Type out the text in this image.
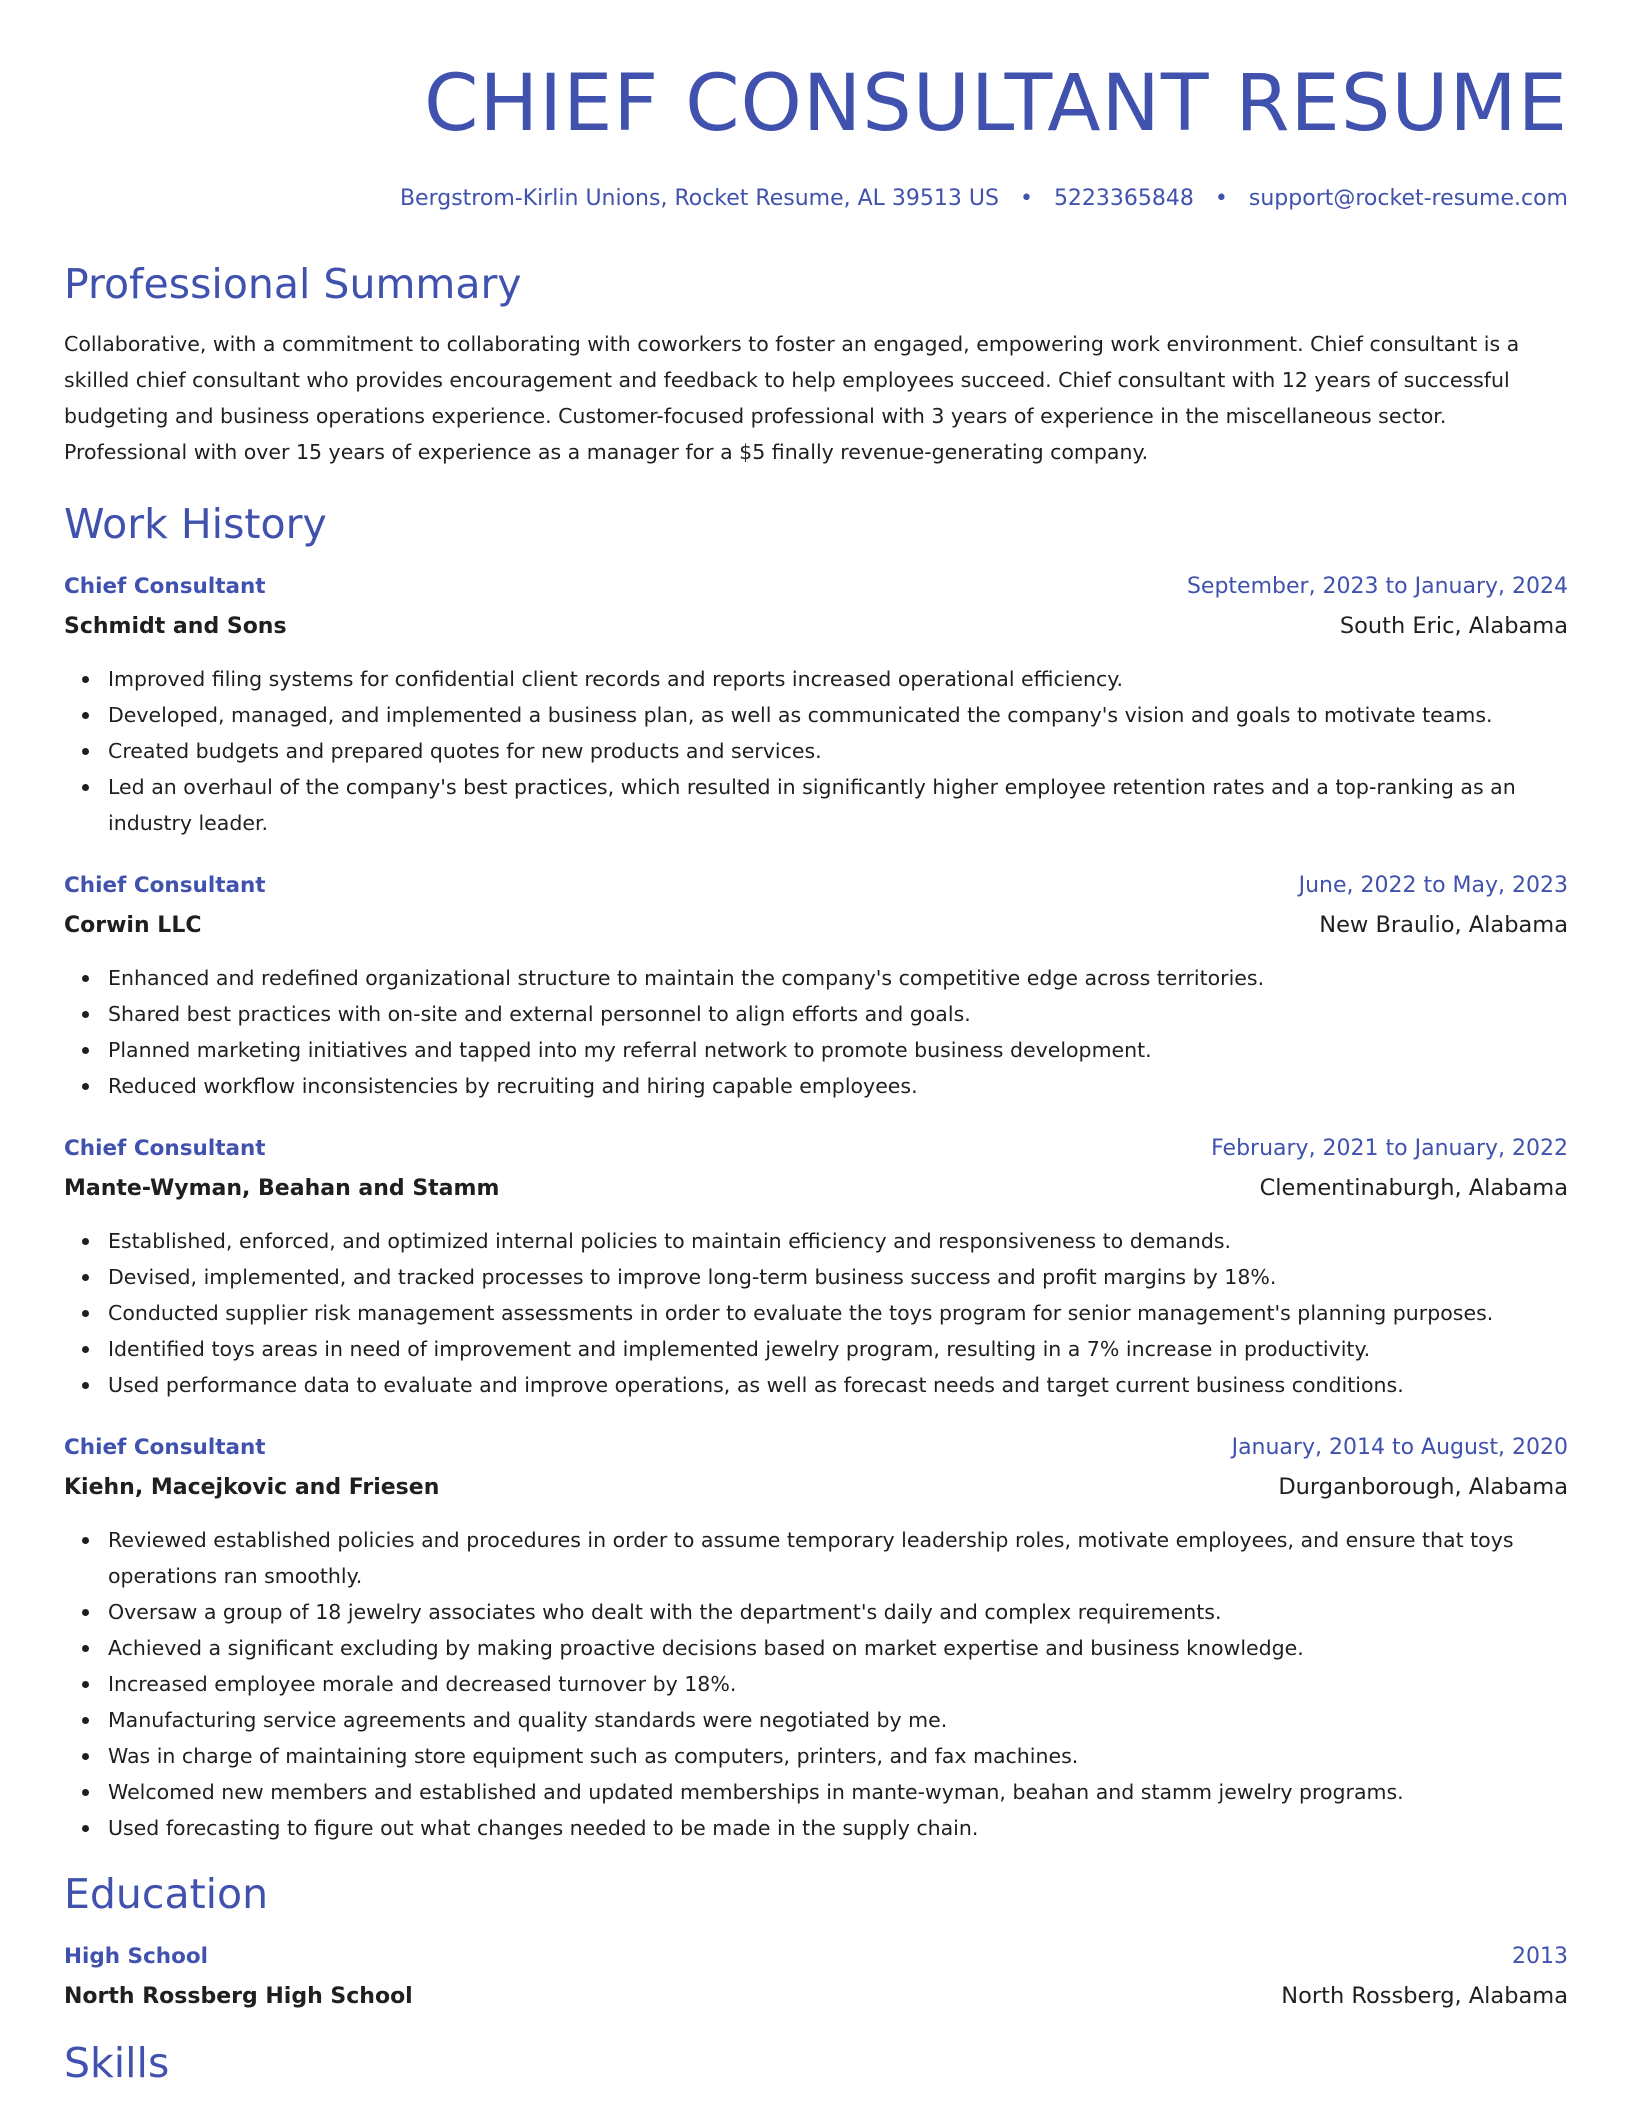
CHIEF CONSULTANT RESUME
Bergstrom-Kirlin Unions, Rocket Resume, AL 39513 US • 5223365848 • support@rocket-resume.com
Professional Summary
Collaborative, with a commitment to collaborating with coworkers to foster an engaged, empowering work environment. Chief consultant is a skilled chief consultant who provides encouragement and feedback to help employees succeed. Chief consultant with 12 years of successful budgeting and business operations experience. Customer-focused professional with 3 years of experience in the miscellaneous sector. Professional with over 15 years of experience as a manager for a $5 finally revenue-generating company.
Work History
Chief Consultant	September, 2023 to January, 2024
Schmidt and Sons	South Eric, Alabama
Improved filing systems for confidential client records and reports increased operational efficiency.
Developed, managed, and implemented a business plan, as well as communicated the company's vision and goals to motivate teams.
Created budgets and prepared quotes for new products and services.
Led an overhaul of the company's best practices, which resulted in significantly higher employee retention rates and a top-ranking as an industry leader.
Chief Consultant	June, 2022 to May, 2023
Corwin LLC	New Braulio, Alabama
Enhanced and redefined organizational structure to maintain the company's competitive edge across territories.
Shared best practices with on-site and external personnel to align efforts and goals.
Planned marketing initiatives and tapped into my referral network to promote business development.
Reduced workflow inconsistencies by recruiting and hiring capable employees.
Chief Consultant	February, 2021 to January, 2022
Mante-Wyman, Beahan and Stamm	Clementinaburgh, Alabama
Established, enforced, and optimized internal policies to maintain efficiency and responsiveness to demands.
Devised, implemented, and tracked processes to improve long-term business success and profit margins by 18%.
Conducted supplier risk management assessments in order to evaluate the toys program for senior management's planning purposes.
Identified toys areas in need of improvement and implemented jewelry program, resulting in a 7% increase in productivity.
Used performance data to evaluate and improve operations, as well as forecast needs and target current business conditions.
Chief Consultant	January, 2014 to August, 2020
Kiehn, Macejkovic and Friesen	Durganborough, Alabama
Reviewed established policies and procedures in order to assume temporary leadership roles, motivate employees, and ensure that toys operations ran smoothly.
Oversaw a group of 18 jewelry associates who dealt with the department's daily and complex requirements.
Achieved a significant excluding by making proactive decisions based on market expertise and business knowledge.
Increased employee morale and decreased turnover by 18%.
Manufacturing service agreements and quality standards were negotiated by me.
Was in charge of maintaining store equipment such as computers, printers, and fax machines.
Welcomed new members and established and updated memberships in mante-wyman, beahan and stamm jewelry programs.
Used forecasting to figure out what changes needed to be made in the supply chain.
Education
High School	2013
North Rossberg High School	North Rossberg, Alabama
Skills
